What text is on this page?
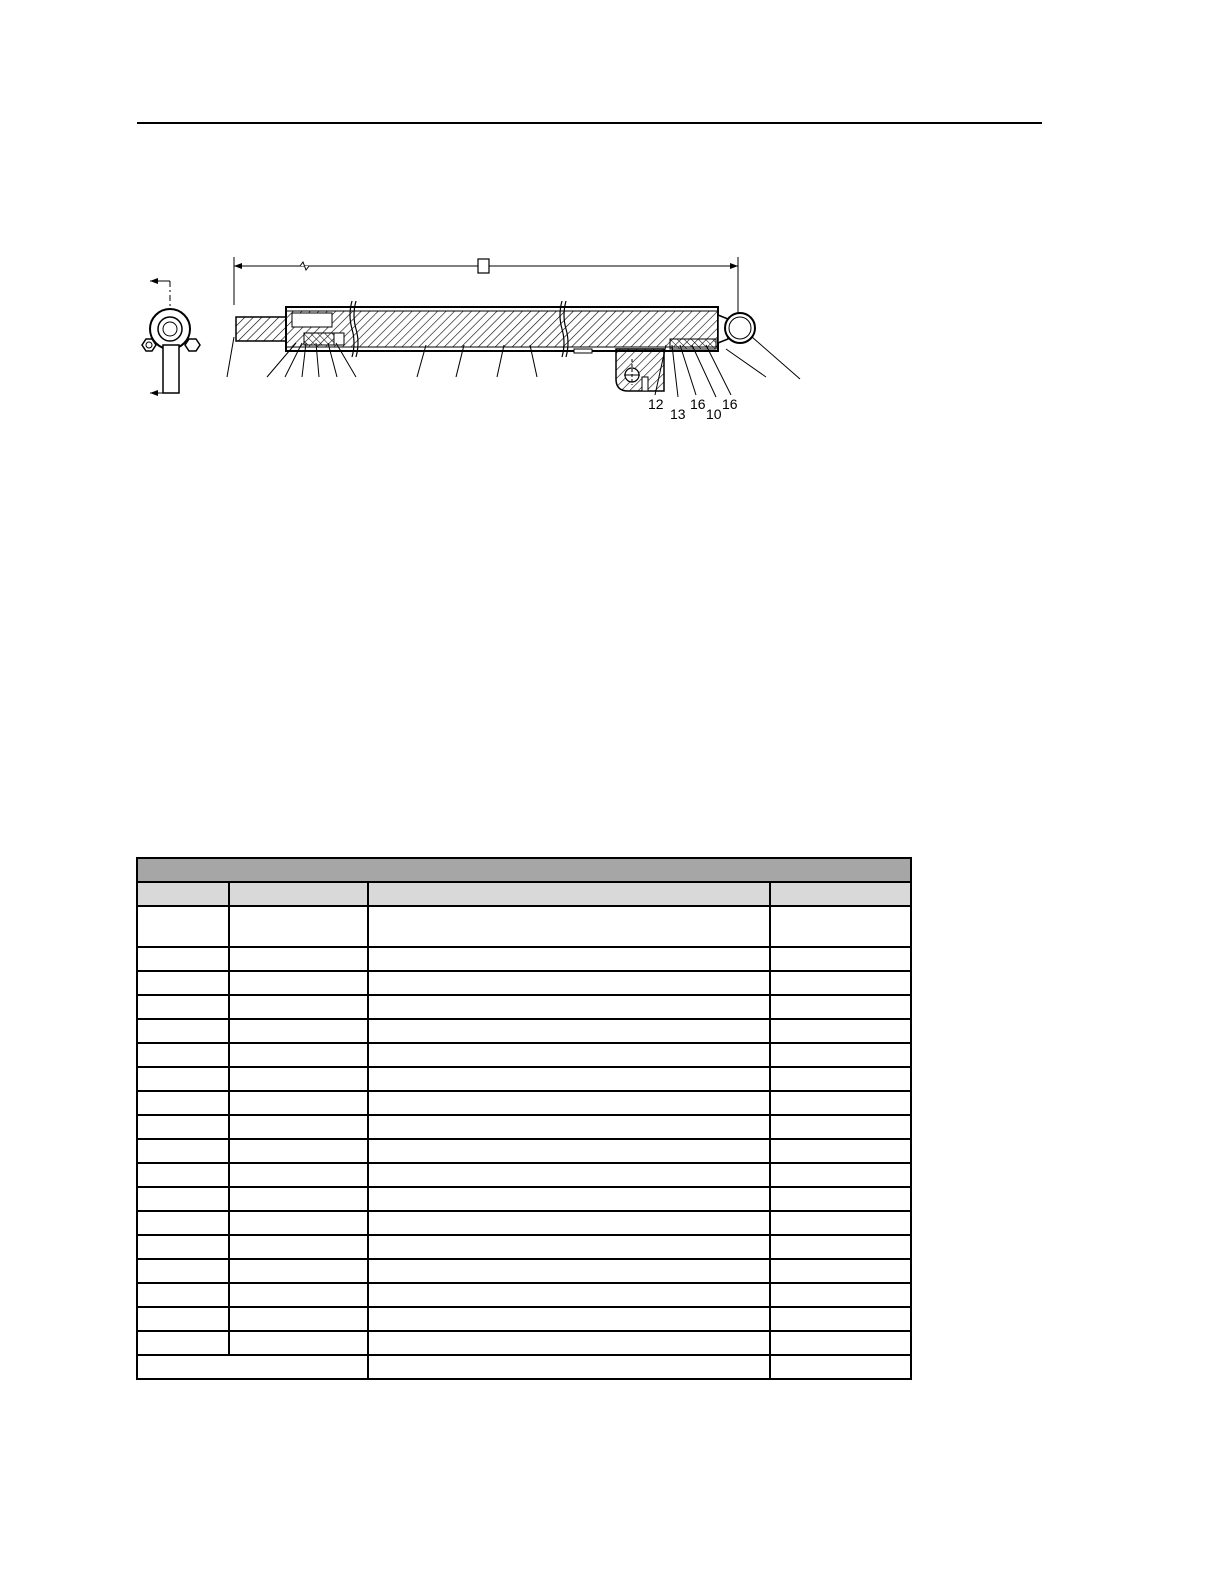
12
13
16
10
16
